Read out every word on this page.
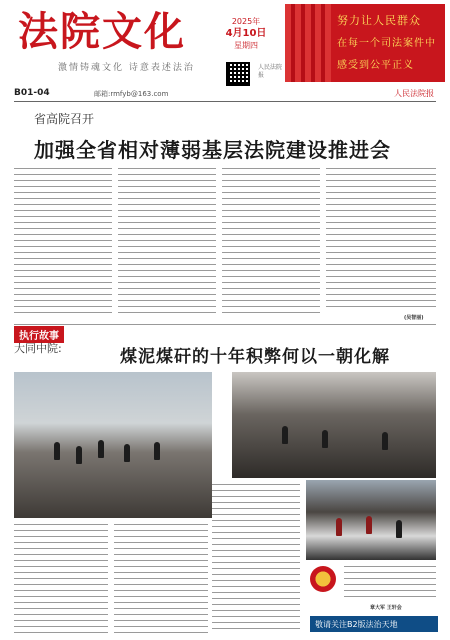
法院文化
激情铸魂文化 诗意表述法治
2025年
4月10日
星期四
人民法院报
努力让人民群众
在每一个司法案件中
感受到公平正义
B01-04	邮箱:rmfyb@163.com	人民法院报
省高院召开
加强全省相对薄弱基层法院建设推进会
(吴智丽)
执行故事
大同中院:	煤泥煤矸的十年积弊何以一朝化解
章大军 王轩会
敬请关注B2版法治天地
